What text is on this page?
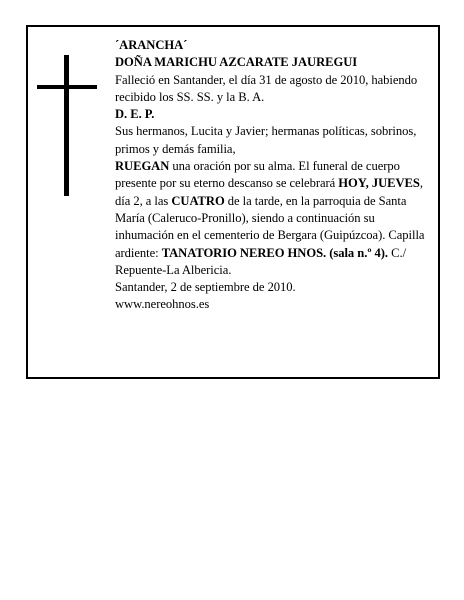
´ARANCHA´

DOÑA MARICHU AZCARATE JAUREGUI

Falleció en Santander, el día 31 de agosto de 2010, habiendo recibido los SS. SS. y la B. A.

D. E. P.

Sus hermanos, Lucita y Javier; hermanas políticas, sobrinos, primos y demás familia,

RUEGAN una oración por su alma. El funeral de cuerpo presente por su eterno descanso se celebrará HOY, JUEVES, día 2, a las CUATRO de la tarde, en la parroquia de Santa María (Caleruco-Pronillo), siendo a continuación su inhumación en el cementerio de Bergara (Guipúzcoa). Capilla ardiente: TANATORIO NEREO HNOS. (sala n.º 4). C./ Repuente-La Albericia.

Santander, 2 de septiembre de 2010.

www.nereohnos.es
